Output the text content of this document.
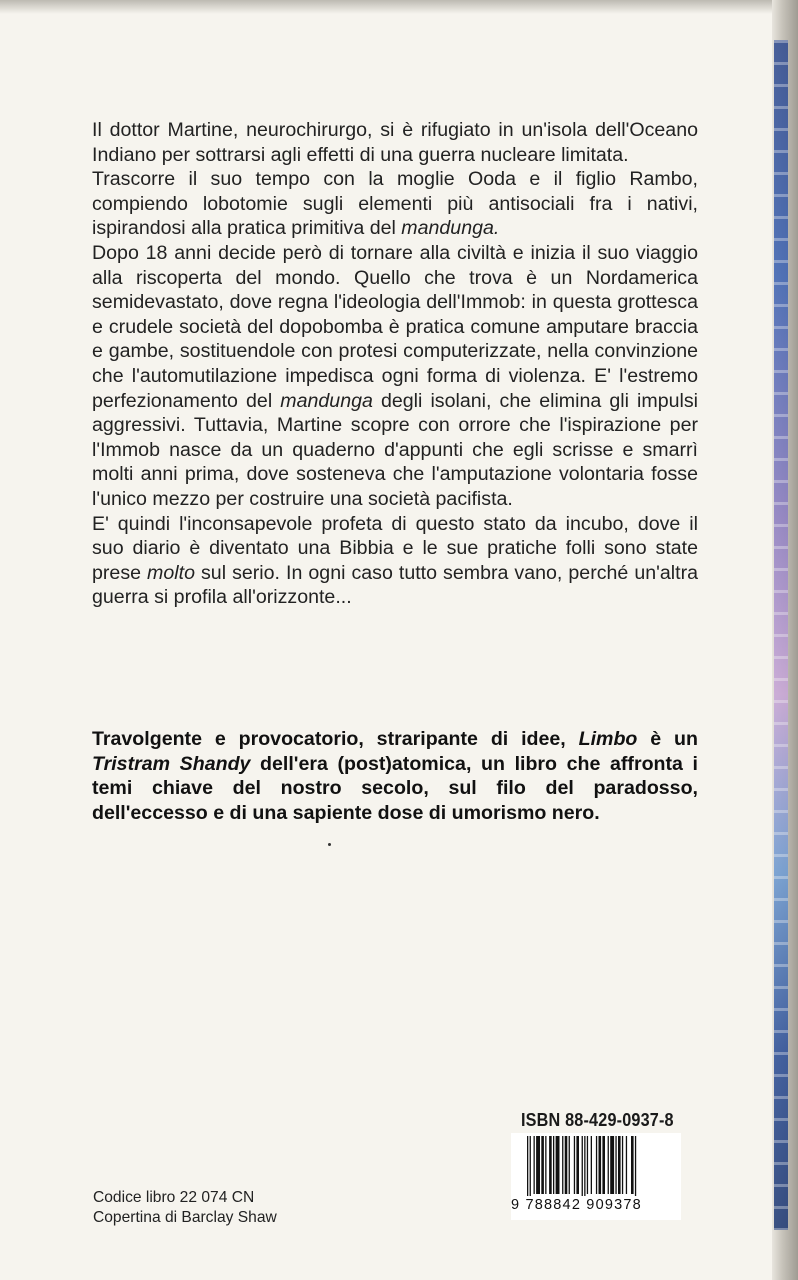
Il dottor Martine, neurochirurgo, si è rifugiato in un'isola dell'Oceano Indiano per sottrarsi agli effetti di una guerra nucleare limitata.

Trascorre il suo tempo con la moglie Ooda e il figlio Rambo, compiendo lobotomie sugli elementi più antisociali fra i nativi, ispirandosi alla pratica primitiva del mandunga.

Dopo 18 anni decide però di tornare alla civiltà e inizia il suo viaggio alla riscoperta del mondo. Quello che trova è un Nordamerica semidevastato, dove regna l'ideologia dell'Immob: in questa grottesca e crudele società del dopobomba è pratica comune amputare braccia e gambe, sostituendole con protesi computerizzate, nella convinzione che l'automutilazione impedisca ogni forma di violenza. E' l'estremo perfezionamento del mandunga degli isolani, che elimina gli impulsi aggressivi. Tuttavia, Martine scopre con orrore che l'ispirazione per l'Immob nasce da un quaderno d'appunti che egli scrisse e smarrì molti anni prima, dove sosteneva che l'amputazione volontaria fosse l'unico mezzo per costruire una società pacifista.

E' quindi l'inconsapevole profeta di questo stato da incubo, dove il suo diario è diventato una Bibbia e le sue pratiche folli sono state prese molto sul serio. In ogni caso tutto sembra vano, perché un'altra guerra si profila all'orizzonte...

Travolgente e provocatorio, straripante di idee, Limbo è un Tristram Shandy dell'era (post)atomica, un libro che affronta i temi chiave del nostro secolo, sul filo del paradosso, dell'eccesso e di una sapiente dose di umorismo nero.
ISBN 88-429-0937-8
9 788842 909378
Codice libro 22 074 CN
Copertina di Barclay Shaw
